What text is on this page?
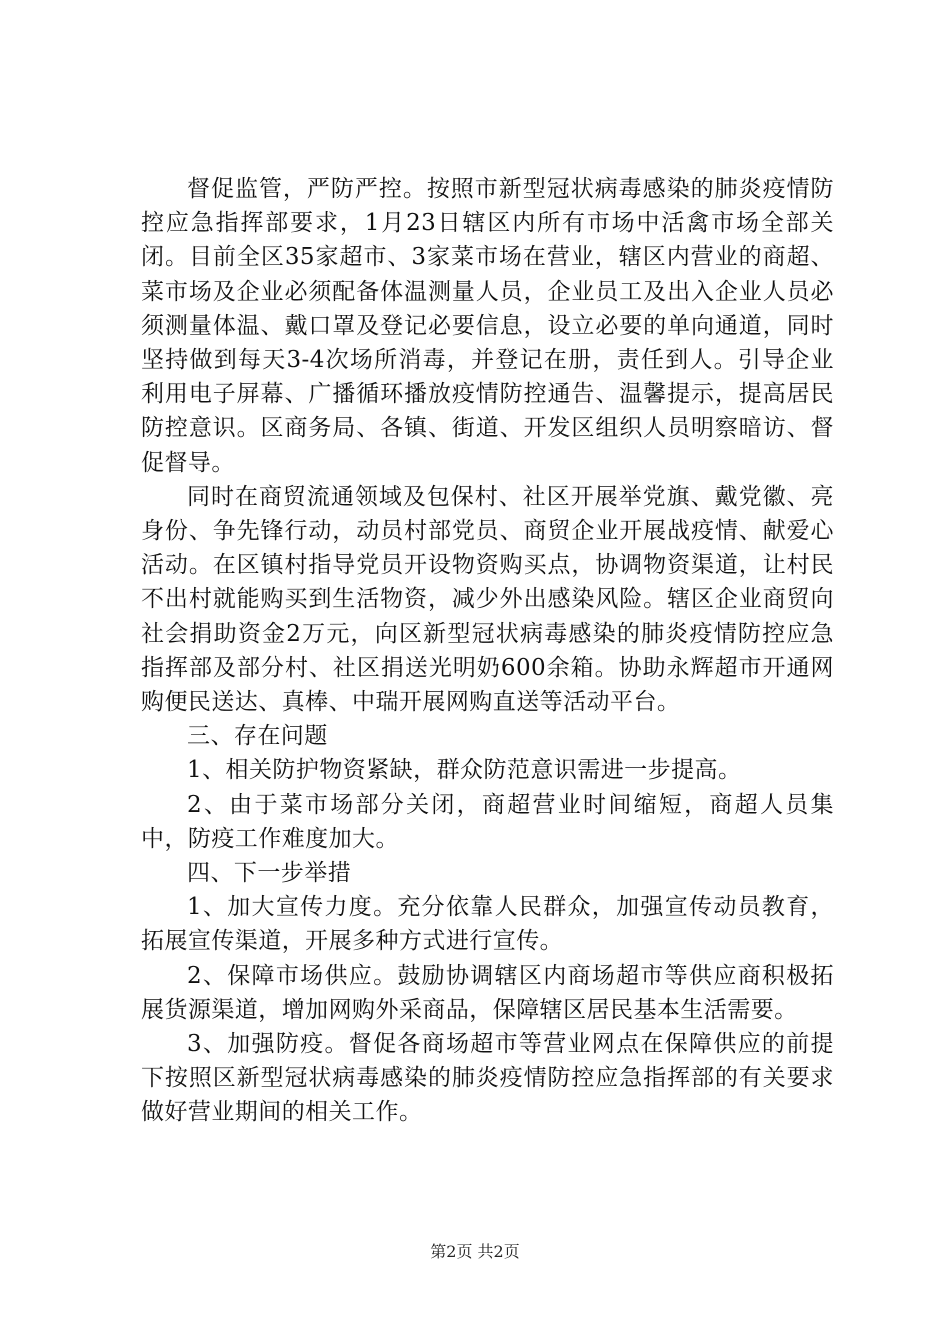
督促监管，严防严控。按照市新型冠状病毒感染的肺炎疫情防控应急指挥部要求，1月23日辖区内所有市场中活禽市场全部关闭。目前全区35家超市、3家菜市场在营业，辖区内营业的商超、菜市场及企业必须配备体温测量人员，企业员工及出入企业人员必须测量体温、戴口罩及登记必要信息，设立必要的单向通道，同时坚持做到每天3-4次场所消毒，并登记在册，责任到人。引导企业利用电子屏幕、广播循环播放疫情防控通告、温馨提示，提高居民防控意识。区商务局、各镇、街道、开发区组织人员明察暗访、督促督导。

同时在商贸流通领域及包保村、社区开展举党旗、戴党徽、亮身份、争先锋行动，动员村部党员、商贸企业开展战疫情、献爱心活动。在区镇村指导党员开设物资购买点，协调物资渠道，让村民不出村就能购买到生活物资，减少外出感染风险。辖区企业商贸向社会捐助资金2万元，向区新型冠状病毒感染的肺炎疫情防控应急指挥部及部分村、社区捐送光明奶600余箱。协助永辉超市开通网购便民送达、真棒、中瑞开展网购直送等活动平台。

三、存在问题

1、相关防护物资紧缺，群众防范意识需进一步提高。

2、由于菜市场部分关闭，商超营业时间缩短，商超人员集中，防疫工作难度加大。

四、下一步举措

1、加大宣传力度。充分依靠人民群众，加强宣传动员教育，拓展宣传渠道，开展多种方式进行宣传。

2、保障市场供应。鼓励协调辖区内商场超市等供应商积极拓展货源渠道，增加网购外采商品，保障辖区居民基本生活需要。

3、加强防疫。督促各商场超市等营业网点在保障供应的前提下按照区新型冠状病毒感染的肺炎疫情防控应急指挥部的有关要求做好营业期间的相关工作。

第2页 共2页
